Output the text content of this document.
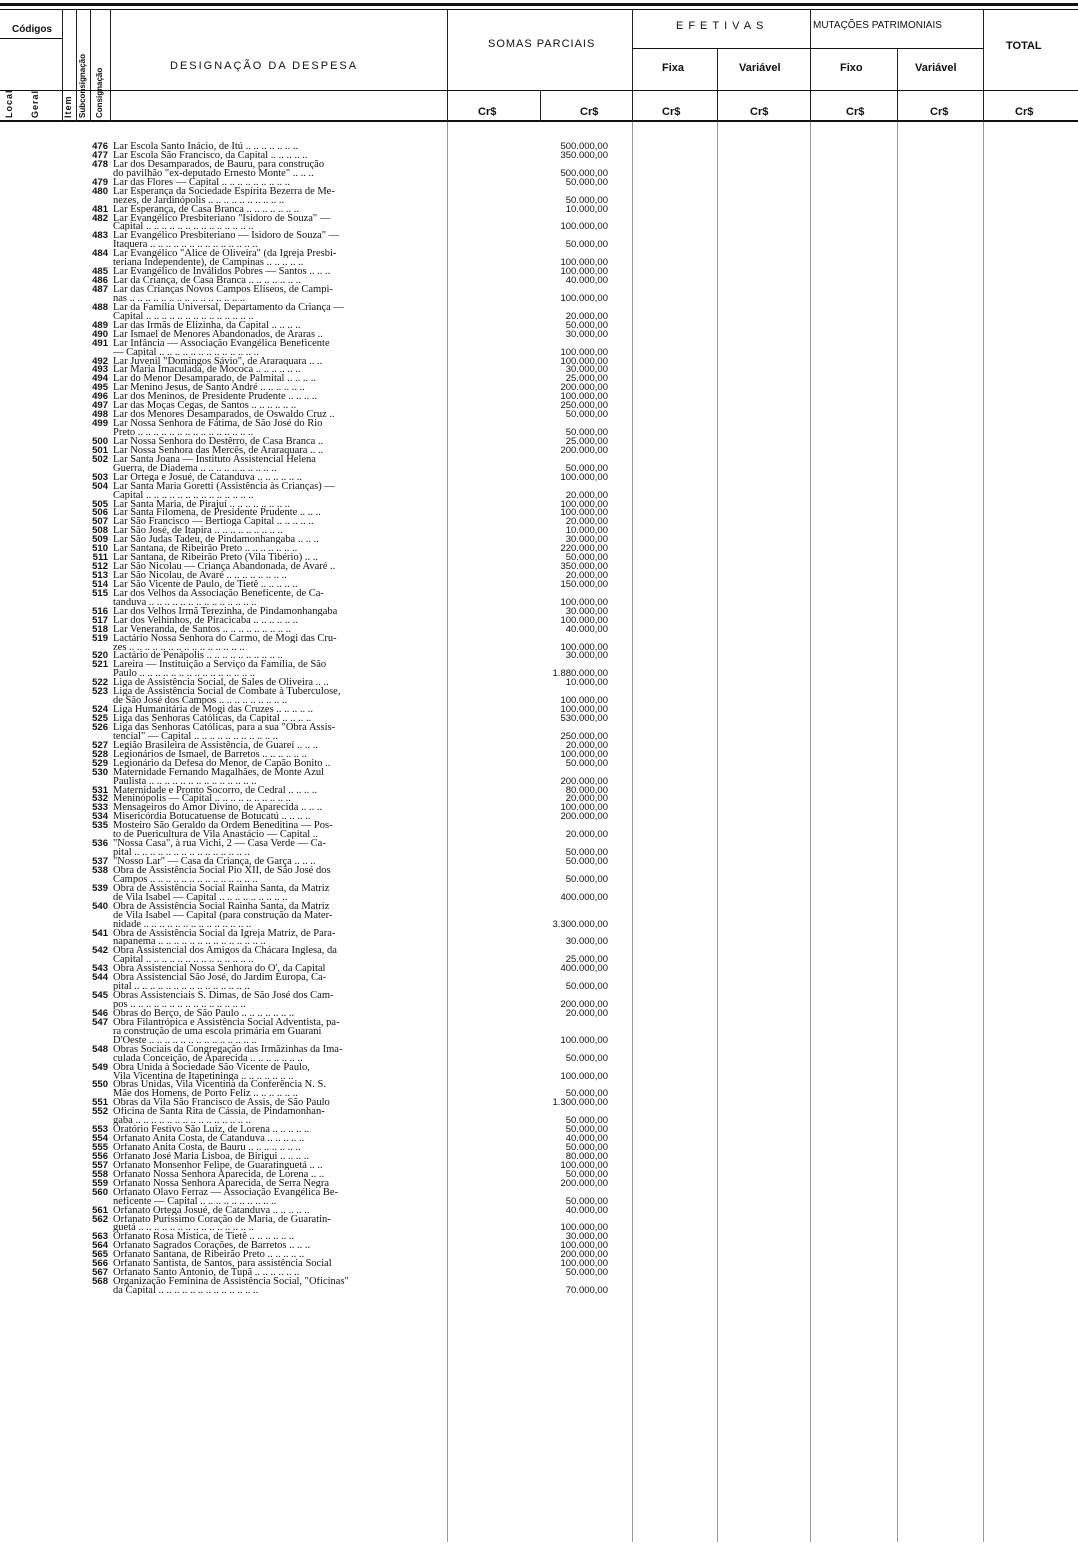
Códigos
Local Geral	Item Subconsignação Consignação
DESIGNAÇÃO DA DESPESA
SOMAS PARCIAIS
EFETIVAS	MUTAÇÕES PATRIMONIAIS
TOTAL
Fixa	Variável	Fixo	Variável
Cr$	Cr$	Cr$	Cr$	Cr$	Cr$	Cr$
476 Lar Escola Santo Inácio, de Itú .. .. .. .. .. .. ..	500.000,00
477 Lar Escola São Francisco, da Capital .. .. .. .. ..	350.000,00
478 Lar dos Desamparados, de Bauru, para construção
do pavilhão "ex-deputado Ernesto Monte" .. .. ..	500.000,00
479 Lar das Flores — Capital .. .. .. .. .. .. .. .. ..	50.000,00
480 Lar Esperança da Sociedade Espírita Bezerra de Me-
nezes, de Jardinópolis .. .. .. .. .. .. .. .. .. ..	50.000,00
481 Lar Esperança, de Casa Branca .. .. .. .. .. .. ..	10.000,00
482 Lar Evangélico Presbiteriano "Isidoro de Souza" —
Capital .. .. .. .. .. .. .. .. .. .. .. .. .. ..	100.000,00
483 Lar Evangélico Presbiteriano — Isidoro de Souza" —
Itaquera .. .. .. .. .. .. .. .. .. .. .. .. .. ..	50.000,00
484 Lar Evangélico "Alice de Oliveira" (da Igreja Presbi-
teriana Independente), de Campinas .. .. .. .. ..	100.000,00
485 Lar Evangélico de Inválidos Pobres — Santos .. .. ..	100.000,00
486 Lar da Criança, de Casa Branca .. .. .. .. .. .. ..	40.000,00
487 Lar das Crianças Novos Campos Elíseos, de Campi-
nas .. .. .. .. .. .. .. .. .. .. .. .. .. .. ..	100.000,00
488 Lar da Família Universal, Departamento da Criança —
Capital .. .. .. .. .. .. .. .. .. .. .. .. .. ..	20.000,00
489 Lar das Irmãs de Elizinha, da Capital .. .. .. ..	50.000,00
490 Lar Ismael de Menores Abandonados, de Araras ..	30.000,00
491 Lar Infância — Associação Evangélica Beneficente
— Capital .. .. .. .. .. .. .. .. .. .. .. .. ..	100.000,00
492 Lar Juvenil "Domingos Sávio", de Araraquara .. ..	100.000,00
493 Lar Maria Imaculada, de Mococa .. .. .. .. .. ..	30.000,00
494 Lar do Menor Desamparado, de Palmital .. .. .. ..	25.000,00
495 Lar Menino Jesus, de Santo André .. .. .. .. .. ..	200.000,00
496 Lar dos Meninos, de Presidente Prudente .. .. .. ..	100.000,00
497 Lar das Moças Cegas, de Santos .. .. .. .. .. ..	250.000,00
498 Lar dos Menores Desamparados, de Oswaldo Cruz ..	50.000,00
499 Lar Nossa Senhora de Fátima, de São José do Rio
Preto .. .. .. .. .. .. .. .. .. .. .. .. .. .. ..	50.000,00
500 Lar Nossa Senhora do Destêrro, de Casa Branca ..	25.000,00
501 Lar Nossa Senhora das Mercês, de Araraquara .. ..	200.000,00
502 Lar Santa Joana — Instituto Assistencial Helena
Guerra, de Diadema .. .. .. .. .. .. .. .. .. ..	50.000,00
503 Lar Ortega e Josué, de Catanduva .. .. .. .. .. ..	100.000,00
504 Lar Santa Maria Goretti (Assistência às Crianças) —
Capital .. .. .. .. .. .. .. .. .. .. .. .. .. ..	20.000,00
505 Lar Santa Maria, de Pirajuí .. .. .. .. .. .. .. ..	100.000,00
506 Lar Santa Filomena, de Presidente Prudente .. .. ..	100.000,00
507 Lar São Francisco — Bertioga Capital .. .. .. .. ..	20.000,00
508 Lar São José, de Itapira .. .. .. .. .. .. .. .. ..	10.000,00
509 Lar São Judas Tadeu, de Pindamonhangaba .. .. ..	30.000,00
510 Lar Santana, de Ribeirão Preto .. .. .. .. .. .. ..	220.000,00
511 Lar Santana, de Ribeirão Preto (Vila Tibério) .. ..	50.000,00
512 Lar São Nicolau — Criança Abandonada, de Avaré ..	350.000,00
513 Lar São Nicolau, de Avaré .. .. .. .. .. .. .. ..	20.000,00
514 Lar São Vicente de Paulo, de Tietê .. .. .. .. ..	150.000,00
515 Lar dos Velhos da Associação Beneficente, de Ca-
tanduva .. .. .. .. .. .. .. .. .. .. .. .. .. ..	100.000,00
516 Lar dos Velhos Irmã Terezinha, de Pindamonhangaba	30.000,00
517 Lar dos Velhinhos, de Piracicaba .. .. .. .. .. ..	100.000,00
518 Lar Veneranda, de Santos .. .. .. .. .. .. .. .. ..	40.000,00
519 Lactário Nossa Senhora do Carmo, de Mogi das Cru-
zes .. .. .. .. .. .. .. .. .. .. .. .. .. .. ..	100.000,00
520 Lactário de Penápolis .. .. .. .. .. .. .. .. .. ..	30.000,00
521 Lareira — Instituição a Serviço da Família, de São
Paulo .. .. .. .. .. .. .. .. .. .. .. .. .. .. ..	1.880.000,00
522 Liga de Assistência Social, de Sales de Oliveira .. ..	10.000,00
523 Liga de Assistência Social de Combate à Tuberculose,
de São José dos Campos .. .. .. .. .. .. .. .. ..	100.000,00
524 Liga Humanitária de Mogi das Cruzes .. .. .. .. ..	100.000,00
525 Liga das Senhoras Católicas, da Capital .. .. .. ..	530.000,00
526 Liga das Senhoras Católicas, para a sua "Obra Assis-
tencial" — Capital .. .. .. .. .. .. .. .. .. .. ..	250.000,00
527 Legião Brasileira de Assistência, de Guareí .. .. ..	20.000,00
528 Legionários de Ismael, de Barretos .. .. .. .. .. ..	100.000,00
529 Legionário da Defesa do Menor, de Capão Bonito ..	50.000,00
530 Maternidade Fernando Magalhães, de Monte Azul
Paulista .. .. .. .. .. .. .. .. .. .. .. .. .. ..	200.000,00
531 Maternidade e Pronto Socorro, de Cedral .. .. .. ..	80.000,00
532 Meninópolis — Capital .. .. .. .. .. .. .. .. .. ..	20.000,00
533 Mensageiros do Amor Divino, de Aparecida .. .. ..	100.000,00
534 Misericórdia Botucatuense de Botucatú .. .. .. ..	200.000,00
535 Mosteiro São Geraldo da Ordem Beneditina — Pos-
to de Puericultura de Vila Anastácio — Capital ..	20.000,00
536 "Nossa Casa", à rua Vichi, 2 — Casa Verde — Ca-
pital .. .. .. .. .. .. .. .. .. .. .. .. .. .. ..	50.000,00
537 "Nosso Lar" — Casa da Criança, de Garça .. .. ..	50.000,00
538 Obra de Assistência Social Pio XII, de São José dos
Campos .. .. .. .. .. .. .. .. .. .. .. .. .. ..	50.000,00
539 Obra de Assistência Social Rainha Santa, da Matriz
de Vila Isabel — Capital .. .. .. .. .. .. .. .. ..	400.000,00
540 Obra de Assistência Social Rainha Santa, da Matriz
de Vila Isabel — Capital (para construção da Mater-
nidade .. .. .. .. .. .. .. .. .. .. .. .. .. ..	3.300.000,00
541 Obra de Assistência Social da Igreja Matriz, de Para-
napanema .. .. .. .. .. .. .. .. .. .. .. .. .. ..	30.000,00
542 Obra Assistencial dos Amigos da Chácara Inglesa, da
Capital .. .. .. .. .. .. .. .. .. .. .. .. .. ..	25.000,00
543 Obra Assistencial Nossa Senhora do O', da Capital	400.000,00
544 Obra Assistencial São José, do Jardim Europa, Ca-
pital .. .. .. .. .. .. .. .. .. .. .. .. .. .. ..	50.000,00
545 Obras Assistenciais S. Dimas, de São José dos Cam-
pos .. .. .. .. .. .. .. .. .. .. .. .. .. .. ..	200.000,00
546 Obras do Berço, de São Paulo .. .. .. .. .. .. ..	20.000,00
547 Obra Filantrópica e Assistência Social Adventista, pa-
ra construção de uma escola primária em Guarani
D'Oeste .. .. .. .. .. .. .. .. .. .. .. .. .. ..	100.000,00
548 Obras Sociais da Congregação das Irmãzinhas da Ima-
culada Conceição, de Aparecida .. .. .. .. .. .. ..	50.000,00
549 Obra Unida à Sociedade São Vicente de Paulo,
Vila Vicentina de Itapetininga .. .. .. .. .. .. ..	100.000,00
550 Obras Unidas, Vila Vicentina da Conferência N. S.
Mãe dos Homens, de Porto Feliz .. .. .. .. .. ..	50.000,00
551 Obras da Vila São Francisco de Assis, de São Paulo	1.300.000,00
552 Oficina de Santa Rita de Cássia, de Pindamonhan-
gaba .. .. .. .. .. .. .. .. .. .. .. .. .. .. ..	50.000,00
553 Oratório Festivo São Luiz, de Lorena .. .. .. .. ..	50.000,00
554 Orfanato Anita Costa, de Catanduva .. .. .. .. ..	40.000,00
555 Orfanato Anita Costa, de Bauru .. .. .. .. .. .. ..	50.000,00
556 Orfanato José Maria Lisboa, de Birigui .. .. .. ..	80.000,00
557 Orfanato Monsenhor Felipe, de Guaratinguetá .. ..	100.000,00
558 Orfanato Nossa Senhora Aparecida, de Lorena .. ..	50.000,00
559 Orfanato Nossa Senhora Aparecida, de Serra Negra	200.000,00
560 Orfanato Olavo Ferraz — Associação Evangélica Be-
neficente — Capital .. .. .. .. .. .. .. .. .. ..	50.000,00
561 Orfanato Ortega Josué, de Catanduva .. .. .. .. ..	40.000,00
562 Orfanato Puríssimo Coração de Maria, de Guaratin-
guetá .. .. .. .. .. .. .. .. .. .. .. .. .. .. ..	100.000,00
563 Orfanato Rosa Mística, de Tietê .. .. .. .. .. ..	30.000,00
564 Orfanato Sagrados Corações, de Barretos .. .. ..	100.000,00
565 Orfanato Santana, de Ribeirão Preto .. .. .. .. ..	200.000,00
566 Orfanato Santista, de Santos, para assistência Social	100.000,00
567 Orfanato Santo Antonio, de Tupã .. .. .. .. .. ..	50.000,00
568 Organização Feminina de Assistência Social, "Oficinas"
da Capital .. .. .. .. .. .. .. .. .. .. .. .. ..	70.000,00
